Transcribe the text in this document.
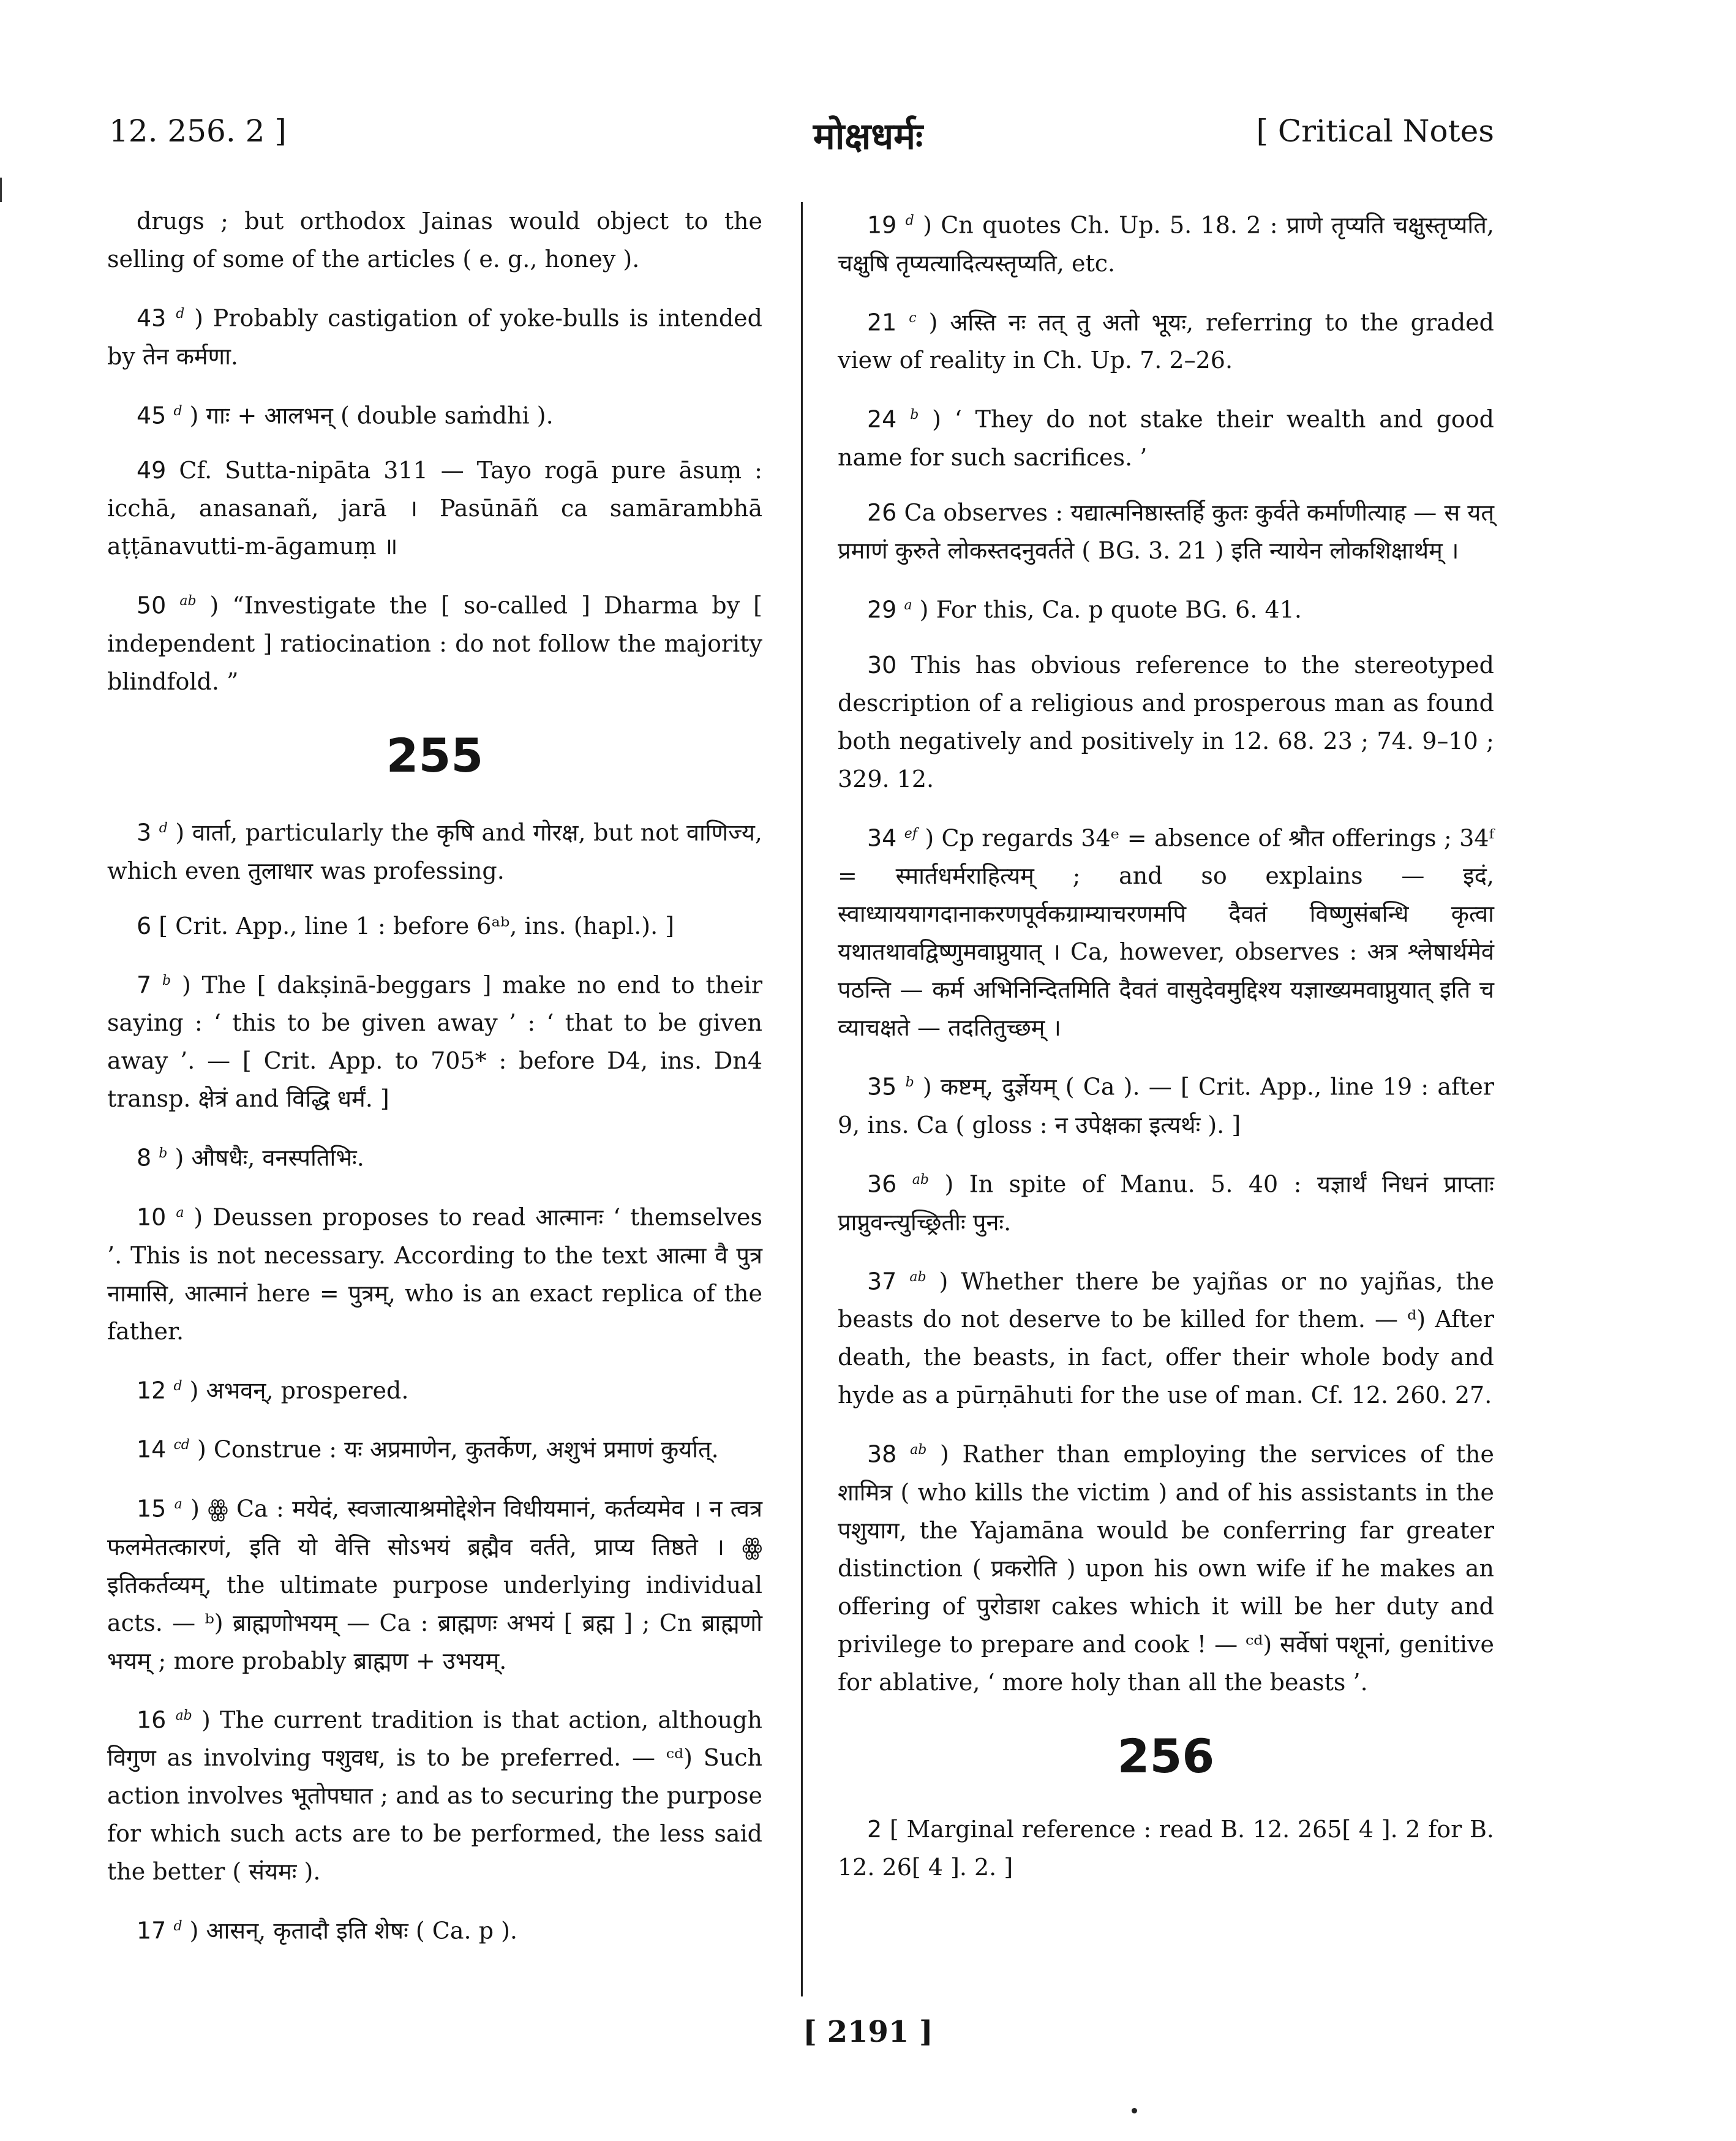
12. 256. 2 ]	मोक्षधर्मः	[ Critical Notes

drugs ; but orthodox Jainas would object to the selling of some of the articles ( e. g., honey ).

43 $^d$ ) Probably castigation of yoke-bulls is intended by तेन कर्मणा.

45 $^d$ ) गाः + आलभन् ( double saṁdhi ).

49 Cf. Sutta-nipāta 311 — Tayo rogā pure āsuṃ : icchā, anasanañ, jarā । Pasūnāñ ca samārambhā aṭṭānavutti-m-āgamuṃ ॥

50 $^{ab}$ ) “Investigate the [ so-called ] Dharma by [ independent ] ratiocination : do not follow the majority blindfold. ”

255

3 $^d$ ) वार्ता, particularly the कृषि and गोरक्ष, but not वाणिज्य, which even तुलाधार was professing.

6 [ Crit. App., line 1 : before 6ᵃᵇ, ins. (hapl.). ]

7 $^b$ ) The [ dakṣinā-beggars ] make no end to their saying : ‘ this to be given away ’ : ‘ that to be given away ’. — [ Crit. App. to 705* : before D4, ins. Dn4 transp. क्षेत्रं and विद्धि धर्मं. ]

8 $^b$ ) औषधैः, वनस्पतिभिः.

10 $^a$ ) Deussen proposes to read आत्मानः ‘ themselves ’. This is not necessary. According to the text आत्मा वै पुत्र नामासि, आत्मानं here = पुत्रम्, who is an exact replica of the father.

12 $^d$ ) अभवन्, prospered.

14 $^{cd}$ ) Construe : यः अप्रमाणेन, कुतर्केण, अशुभं प्रमाणं कुर्यात्.

15 $^a$ ) ꙮ Ca : मयेदं, स्वजात्याश्रमोद्देशेन विधीयमानं, कर्तव्यमेव । न त्वत्र फलमेतत्कारणं, इति यो वेत्ति सोऽभयं ब्रह्मैव वर्तते, प्राप्य तिष्ठते । ꙮ इतिकर्तव्यम्, the ultimate purpose underlying individual acts. — ᵇ) ब्राह्मणोभयम् — Ca : ब्राह्मणः अभयं [ ब्रह्म ] ; Cn ब्राह्मणो भयम् ; more probably ब्राह्मण + उभयम्.

16 $^{ab}$ ) The current tradition is that action, although विगुण as involving पशुवध, is to be preferred. — ᶜᵈ) Such action involves भूतोपघात ; and as to securing the purpose for which such acts are to be performed, the less said the better ( संयमः ).

17 $^d$ ) आसन्, कृतादौ इति शेषः ( Ca. p ).

19 $^d$ ) Cn quotes Ch. Up. 5. 18. 2 : प्राणे तृप्यति चक्षुस्तृप्यति, चक्षुषि तृप्यत्यादित्यस्तृप्यति, etc.

21 $^c$ ) अस्ति नः तत् तु अतो भूयः, referring to the graded view of reality in Ch. Up. 7. 2–26.

24 $^b$ ) ‘ They do not stake their wealth and good name for such sacrifices. ’

26 Ca observes : यद्यात्मनिष्ठास्तर्हि कुतः कुर्वते कर्माणीत्याह — स यत् प्रमाणं कुरुते लोकस्तदनुवर्तते ( BG. 3. 21 ) इति न्यायेन लोकशिक्षार्थम् ।

29 $^a$ ) For this, Ca. p quote BG. 6. 41.

30 This has obvious reference to the stereotyped description of a religious and prosperous man as found both negatively and positively in 12. 68. 23 ; 74. 9–10 ; 329. 12.

34 $^{ef}$ ) Cp regards 34ᵉ = absence of श्रौत offerings ; 34ᶠ = स्मार्तधर्मराहित्यम् ; and so explains — इदं, स्वाध्याययागदानाकरणपूर्वकग्राम्याचरणमपि दैवतं विष्णुसंबन्धि कृत्वा यथातथावद्विष्णुमवाप्नुयात् । Ca, however, observes : अत्र श्लेषार्थमेवं पठन्ति — कर्म अभिनिन्दितमिति दैवतं वासुदेवमुद्दिश्य यज्ञाख्यमवाप्नुयात् इति च व्याचक्षते — तदतितुच्छम् ।

35 $^b$ ) कष्टम्, दुर्ज्ञेयम् ( Ca ). — [ Crit. App., line 19 : after 9, ins. Ca ( gloss : न उपेक्षका इत्यर्थः ). ]

36 $^{ab}$ ) In spite of Manu. 5. 40 : यज्ञार्थं निधनं प्राप्ताः प्राप्नुवन्त्युच्छ्रितीः पुनः.

37 $^{ab}$ ) Whether there be yajñas or no yajñas, the beasts do not deserve to be killed for them. — ᵈ) After death, the beasts, in fact, offer their whole body and hyde as a pūrṇāhuti for the use of man. Cf. 12. 260. 27.

38 $^{ab}$ ) Rather than employing the services of the शामित्र ( who kills the victim ) and of his assistants in the पशुयाग, the Yajamāna would be conferring far greater distinction ( प्रकरोति ) upon his own wife if he makes an offering of पुरोडाश cakes which it will be her duty and privilege to prepare and cook ! — ᶜᵈ) सर्वेषां पशूनां, genitive for ablative, ‘ more holy than all the beasts ’.

256

2 [ Marginal reference : read B. 12. 265[ 4 ]. 2 for B. 12. 26[ 4 ]. 2. ]

[ 2191 ]
